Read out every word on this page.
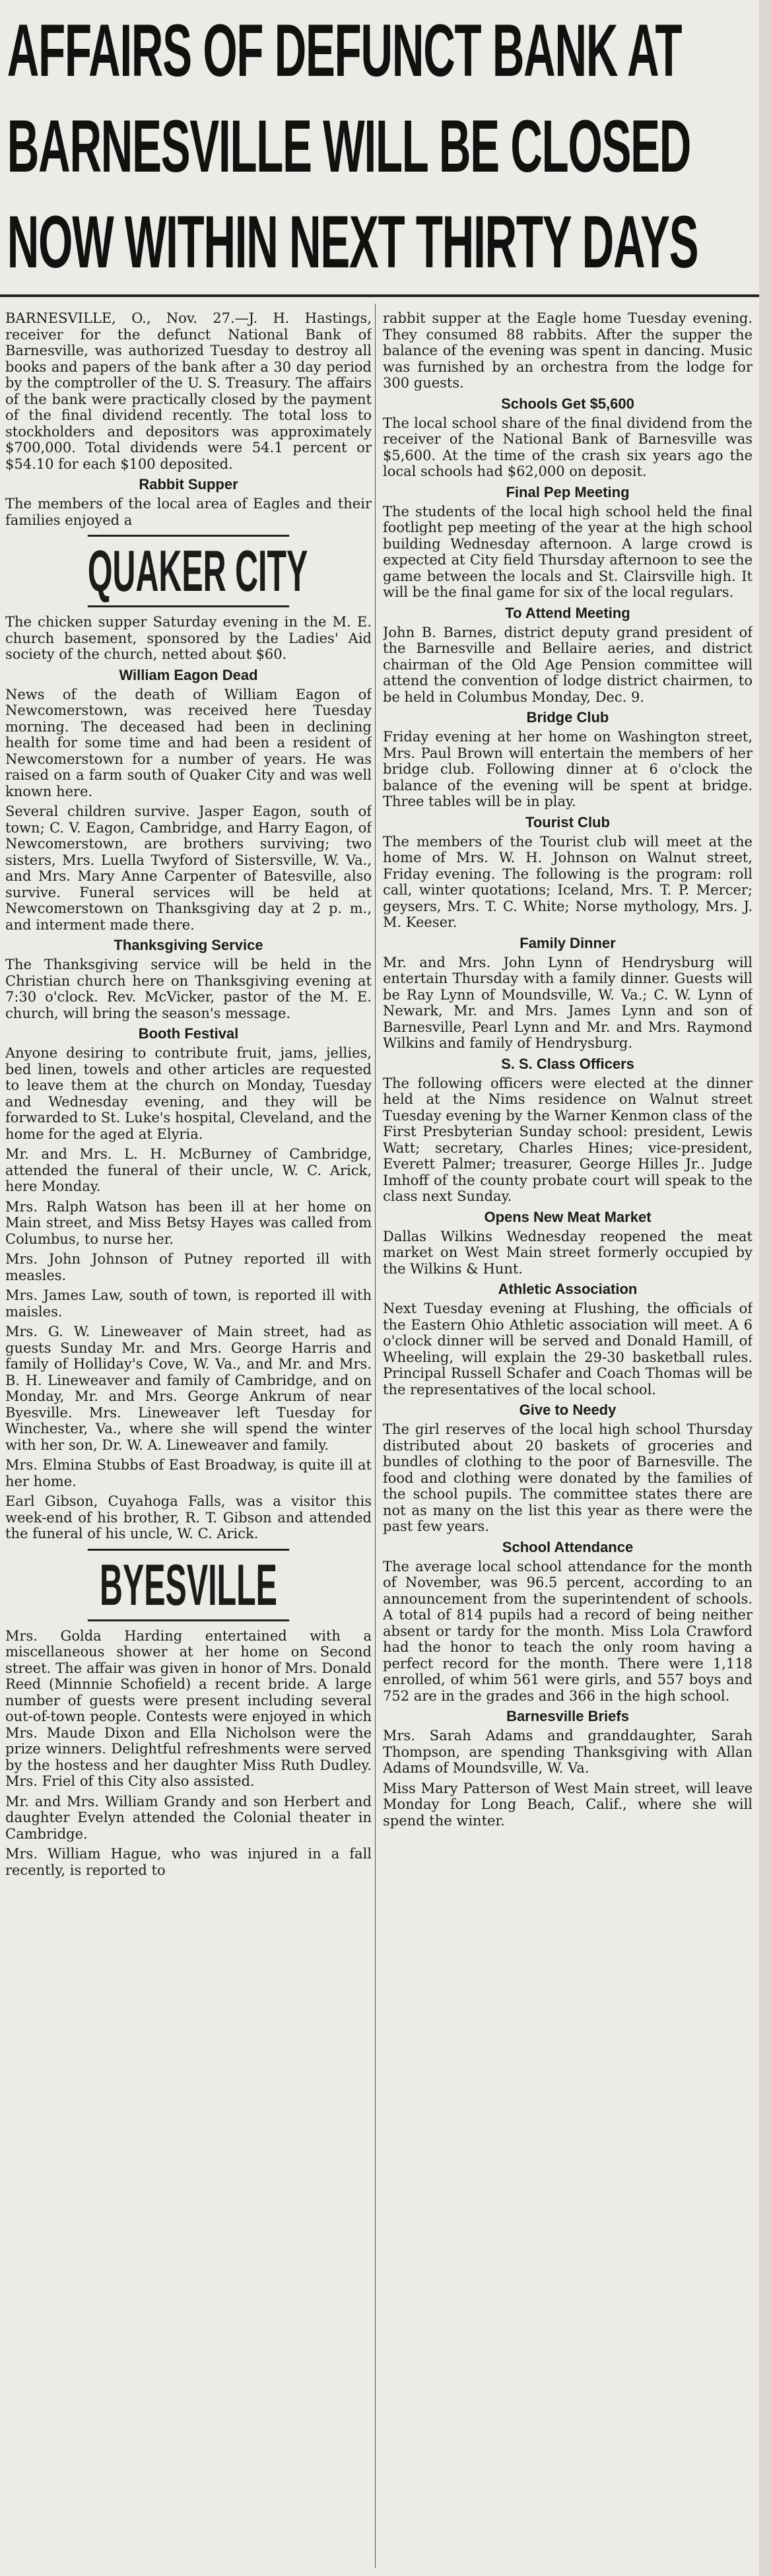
AFFAIRS OF DEFUNCT BANK AT
BARNESVILLE WILL BE CLOSED
NOW WITHIN NEXT THIRTY DAYS

BARNESVILLE, O., Nov. 27.—J. H. Hastings, receiver for the defunct National Bank of Barnesville, was authorized Tuesday to destroy all books and papers of the bank after a 30 day period by the comptroller of the U. S. Treasury. The affairs of the bank were practically closed by the payment of the final dividend recently. The total loss to stockholders and depositors was approximately $700,000. Total dividends were 54.1 percent or $54.10 for each $100 deposited.

Rabbit Supper

The members of the local area of Eagles and their families enjoyed a

QUAKER CITY

The chicken supper Saturday evening in the M. E. church basement, sponsored by the Ladies' Aid society of the church, netted about $60.

William Eagon Dead

News of the death of William Eagon of Newcomerstown, was received here Tuesday morning. The deceased had been in declining health for some time and had been a resident of Newcomerstown for a number of years. He was raised on a farm south of Quaker City and was well known here.

Several children survive. Jasper Eagon, south of town; C. V. Eagon, Cambridge, and Harry Eagon, of Newcomerstown, are brothers surviving; two sisters, Mrs. Luella Twyford of Sistersville, W. Va., and Mrs. Mary Anne Carpenter of Batesville, also survive. Funeral services will be held at Newcomerstown on Thanksgiving day at 2 p. m., and interment made there.

Thanksgiving Service

The Thanksgiving service will be held in the Christian church here on Thanksgiving evening at 7:30 o'clock. Rev. McVicker, pastor of the M. E. church, will bring the season's message.

Booth Festival

Anyone desiring to contribute fruit, jams, jellies, bed linen, towels and other articles are requested to leave them at the church on Monday, Tuesday and Wednesday evening, and they will be forwarded to St. Luke's hospital, Cleveland, and the home for the aged at Elyria.

Mr. and Mrs. L. H. McBurney of Cambridge, attended the funeral of their uncle, W. C. Arick, here Monday.

Mrs. Ralph Watson has been ill at her home on Main street, and Miss Betsy Hayes was called from Columbus, to nurse her.

Mrs. John Johnson of Putney reported ill with measles.

Mrs. James Law, south of town, is reported ill with maisles.

Mrs. G. W. Lineweaver of Main street, had as guests Sunday Mr. and Mrs. George Harris and family of Holliday's Cove, W. Va., and Mr. and Mrs. B. H. Lineweaver and family of Cambridge, and on Monday, Mr. and Mrs. George Ankrum of near Byesville. Mrs. Lineweaver left Tuesday for Winchester, Va., where she will spend the winter with her son, Dr. W. A. Lineweaver and family.

Mrs. Elmina Stubbs of East Broadway, is quite ill at her home.

Earl Gibson, Cuyahoga Falls, was a visitor this week-end of his brother, R. T. Gibson and attended the funeral of his uncle, W. C. Arick.

BYESVILLE

Mrs. Golda Harding entertained with a miscellaneous shower at her home on Second street. The affair was given in honor of Mrs. Donald Reed (Minnnie Schofield) a recent bride. A large number of guests were present including several out-of-town people. Contests were enjoyed in which Mrs. Maude Dixon and Ella Nicholson were the prize winners. Delightful refreshments were served by the hostess and her daughter Miss Ruth Dudley. Mrs. Friel of this City also assisted.

Mr. and Mrs. William Grandy and son Herbert and daughter Evelyn attended the Colonial theater in Cambridge.

Mrs. William Hague, who was injured in a fall recently, is reported to

rabbit supper at the Eagle home Tuesday evening. They consumed 88 rabbits. After the supper the balance of the evening was spent in dancing. Music was furnished by an orchestra from the lodge for 300 guests.

Schools Get $5,600

The local school share of the final dividend from the receiver of the National Bank of Barnesville was $5,600. At the time of the crash six years ago the local schools had $62,000 on deposit.

Final Pep Meeting

The students of the local high school held the final footlight pep meeting of the year at the high school building Wednesday afternoon. A large crowd is expected at City field Thursday afternoon to see the game between the locals and St. Clairsville high. It will be the final game for six of the local regulars.

To Attend Meeting

John B. Barnes, district deputy grand president of the Barnesville and Bellaire aeries, and district chairman of the Old Age Pension committee will attend the convention of lodge district chairmen, to be held in Columbus Monday, Dec. 9.

Bridge Club

Friday evening at her home on Washington street, Mrs. Paul Brown will entertain the members of her bridge club. Following dinner at 6 o'clock the balance of the evening will be spent at bridge. Three tables will be in play.

Tourist Club

The members of the Tourist club will meet at the home of Mrs. W. H. Johnson on Walnut street, Friday evening. The following is the program: roll call, winter quotations; Iceland, Mrs. T. P. Mercer; geysers, Mrs. T. C. White; Norse mythology, Mrs. J. M. Keeser.

Family Dinner

Mr. and Mrs. John Lynn of Hendrysburg will entertain Thursday with a family dinner. Guests will be Ray Lynn of Moundsville, W. Va.; C. W. Lynn of Newark, Mr. and Mrs. James Lynn and son of Barnesville, Pearl Lynn and Mr. and Mrs. Raymond Wilkins and family of Hendrysburg.

S. S. Class Officers

The following officers were elected at the dinner held at the Nims residence on Walnut street Tuesday evening by the Warner Kenmon class of the First Presbyterian Sunday school: president, Lewis Watt; secretary, Charles Hines; vice-president, Everett Palmer; treasurer, George Hilles Jr.. Judge Imhoff of the county probate court will speak to the class next Sunday.

Opens New Meat Market

Dallas Wilkins Wednesday reopened the meat market on West Main street formerly occupied by the Wilkins & Hunt.

Athletic Association

Next Tuesday evening at Flushing, the officials of the Eastern Ohio Athletic association will meet. A 6 o'clock dinner will be served and Donald Hamill, of Wheeling, will explain the 29-30 basketball rules. Principal Russell Schafer and Coach Thomas will be the representatives of the local school.

Give to Needy

The girl reserves of the local high school Thursday distributed about 20 baskets of groceries and bundles of clothing to the poor of Barnesville. The food and clothing were donated by the families of the school pupils. The committee states there are not as many on the list this year as there were the past few years.

School Attendance

The average local school attendance for the month of November, was 96.5 percent, according to an announcement from the superintendent of schools. A total of 814 pupils had a record of being neither absent or tardy for the month. Miss Lola Crawford had the honor to teach the only room having a perfect record for the month. There were 1,118 enrolled, of whim 561 were girls, and 557 boys and 752 are in the grades and 366 in the high school.

Barnesville Briefs

Mrs. Sarah Adams and granddaughter, Sarah Thompson, are spending Thanksgiving with Allan Adams of Moundsville, W. Va.

Miss Mary Patterson of West Main street, will leave Monday for Long Beach, Calif., where she will spend the winter.
